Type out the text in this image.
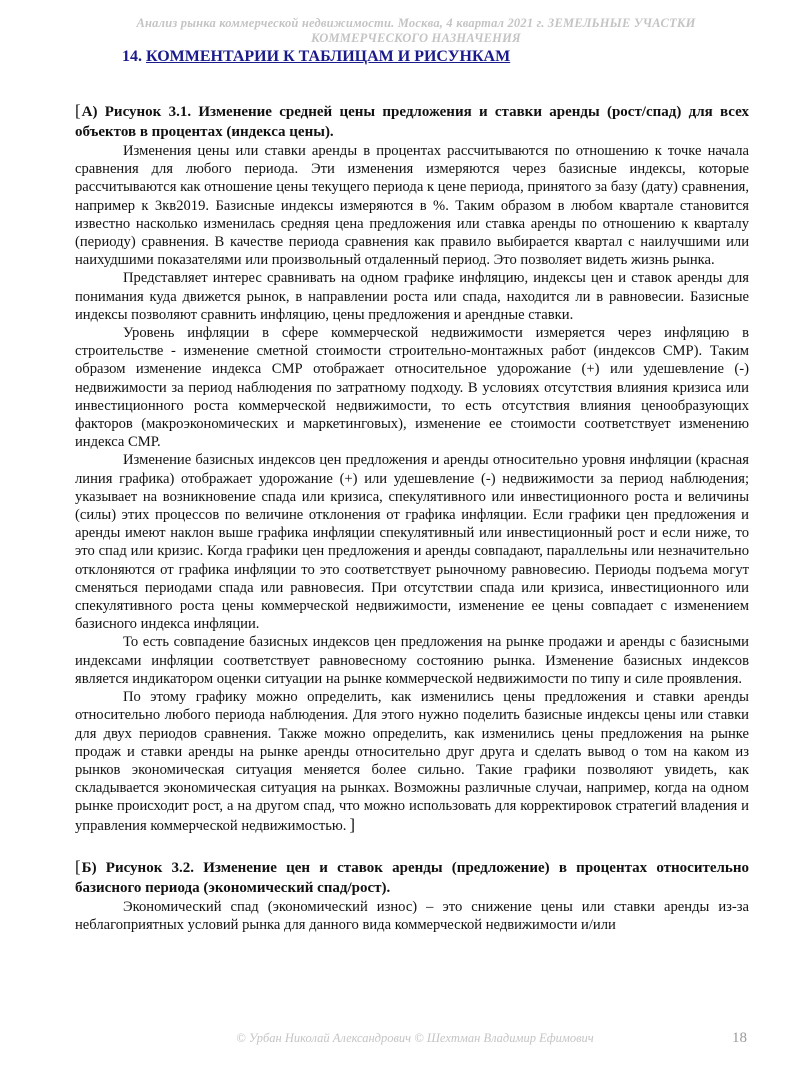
Анализ рынка коммерческой недвижимости. Москва, 4 квартал 2021 г. ЗЕМЕЛЬНЫЕ УЧАСТКИ КОММЕРЧЕСКОГО НАЗНАЧЕНИЯ
14. КОММЕНТАРИИ К ТАБЛИЦАМ И РИСУНКАМ
[А) Рисунок 3.1. Изменение средней цены предложения и ставки аренды (рост/спад) для всех объектов в процентах (индекса цены).

Изменения цены или ставки аренды в процентах рассчитываются по отношению к точке начала сравнения для любого периода. Эти изменения измеряются через базисные индексы, которые рассчитываются как отношение цены текущего периода к цене периода, принятого за базу (дату) сравнения, например к 3кв2019. Базисные индексы измеряются в %. Таким образом в любом квартале становится известно насколько изменилась средняя цена предложения или ставка аренды по отношению к кварталу (периоду) сравнения. В качестве периода сравнения как правило выбирается квартал с наилучшими или наихудшими показателями или произвольный отдаленный период. Это позволяет видеть жизнь рынка.

Представляет интерес сравнивать на одном графике инфляцию, индексы цен и ставок аренды для понимания куда движется рынок, в направлении роста или спада, находится ли в равновесии. Базисные индексы позволяют сравнить инфляцию, цены предложения и арендные ставки.

Уровень инфляции в сфере коммерческой недвижимости измеряется через инфляцию в строительстве - изменение сметной стоимости строительно-монтажных работ (индексов СМР). Таким образом изменение индекса СМР отображает относительное удорожание (+) или удешевление (-) недвижимости за период наблюдения по затратному подходу. В условиях отсутствия влияния кризиса или инвестиционного роста коммерческой недвижимости, то есть отсутствия влияния ценообразующих факторов (макроэкономических и маркетинговых), изменение ее стоимости соответствует изменению индекса СМР.

Изменение базисных индексов цен предложения и аренды относительно уровня инфляции (красная линия графика) отображает удорожание (+) или удешевление (-) недвижимости за период наблюдения; указывает на возникновение спада или кризиса, спекулятивного или инвестиционного роста и величины (силы) этих процессов по величине отклонения от графика инфляции. Если графики цен предложения и аренды имеют наклон выше графика инфляции спекулятивный или инвестиционный рост и если ниже, то это спад или кризис. Когда графики цен предложения и аренды совпадают, параллельны или незначительно отклоняются от графика инфляции то это соответствует рыночному равновесию. Периоды подъема могут сменяться периодами спада или равновесия. При отсутствии спада или кризиса, инвестиционного или спекулятивного роста цены коммерческой недвижимости, изменение ее цены совпадает с изменением базисного индекса инфляции.

То есть совпадение базисных индексов цен предложения на рынке продажи и аренды с базисными индексами инфляции соответствует равновесному состоянию рынка. Изменение базисных индексов является индикатором оценки ситуации на рынке коммерческой недвижимости по типу и силе проявления.

По этому графику можно определить, как изменились цены предложения и ставки аренды относительно любого периода наблюдения. Для этого нужно поделить базисные индексы цены или ставки для двух периодов сравнения. Также можно определить, как изменились цены предложения на рынке продаж и ставки аренды на рынке аренды относительно друг друга и сделать вывод о том на каком из рынков экономическая ситуация меняется более сильно. Такие графики позволяют увидеть, как складывается экономическая ситуация на рынках. Возможны различные случаи, например, когда на одном рынке происходит рост, а на другом спад, что можно использовать для корректировок стратегий владения и управления коммерческой недвижимостью. ]

[Б) Рисунок 3.2. Изменение цен и ставок аренды (предложение) в процентах относительно базисного периода (экономический спад/рост).

Экономический спад (экономический износ) – это снижение цены или ставки аренды из-за неблагоприятных условий рынка для данного вида коммерческой недвижимости и/или

© Урбан Николай Александрович © Шехтман Владимир Ефимович	18
